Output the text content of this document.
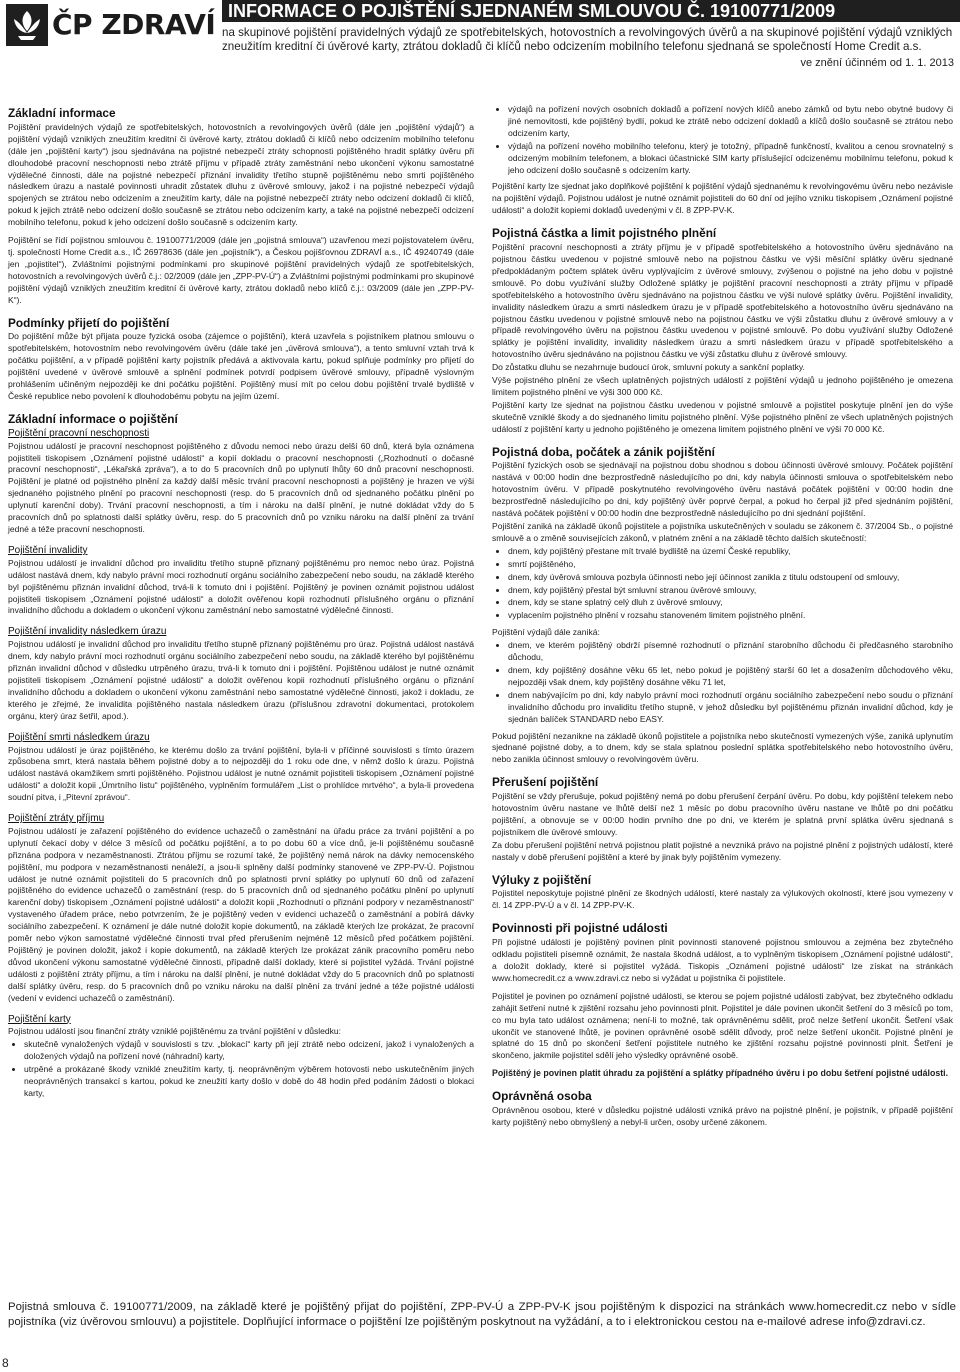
ČP ZDRAVÍ INFORMACE O POJIŠTĚNÍ SJEDNANÉM SMLOUVOU Č. 19100771/2009
na skupinové pojištění pravidelných výdajů ze spotřebitelských, hotovostních a revolvingových úvěrů a na skupinové pojištění výdajů vzniklých zneužitím kreditní či úvěrové karty, ztrátou dokladů či klíčů nebo odcizením mobilního telefonu sjednaná se společností Home Credit a.s.
ve znění účinném od 1. 1. 2013
Základní informace

Pojištění pravidelných výdajů ze spotřebitelských, hotovostních a revolvingových úvěrů (dále jen „pojištění výdajů“) a pojištění výdajů vzniklých zneužitím kreditní či úvěrové karty, ztrátou dokladů či klíčů nebo odcizením mobilního telefonu (dále jen „pojištění karty“) jsou sjednávána na pojistné nebezpečí ztráty schopnosti pojištěného hradit splátky úvěru při dlouhodobé pracovní neschopnosti nebo ztrátě příjmu v případě ztráty zaměstnání nebo ukončení výkonu samostatné výdělečné činnosti, dále na pojistné nebezpečí přiznání invalidity třetího stupně pojištěnému nebo smrti pojištěného následkem úrazu a nastalé povinnosti uhradit zůstatek dluhu z úvěrové smlouvy, jakož i na pojistné nebezpečí výdajů spojených se ztrátou nebo odcizením a zneužitím karty, dále na pojistné nebezpečí ztráty nebo odcizení dokladů či klíčů, pokud k jejich ztrátě nebo odcizení došlo současně se ztrátou nebo odcizením karty, a také na pojistné nebezpečí odcizení mobilního telefonu, pokud k jeho odcizení došlo současně s odcizením karty.

Pojištění se řídí pojistnou smlouvou č. 19100771/2009 (dále jen „pojistná smlouva“) uzavřenou mezi pojistovatelem úvěru, tj. společností Home Credit a.s., IČ 26978636 (dále jen „pojistník“), a Českou pojišťovnou ZDRAVÍ a.s., IČ 49240749 (dále jen „pojistitel“), Zvláštními pojistnými podmínkami pro skupinové pojištění pravidelných výdajů ze spotřebitelských, hotovostních a revolvingových úvěrů č.j.: 02/2009 (dále jen „ZPP-PV-Ú“) a Zvláštními pojistnými podmínkami pro skupinové pojištění výdajů vzniklých zneužitím kreditní či úvěrové karty, ztrátou dokladů nebo klíčů č.j.: 03/2009 (dále jen „ZPP-PV-K“).

Podmínky přijetí do pojištění

Do pojištění může být přijata pouze fyzická osoba (zájemce o pojištění), která uzavřela s pojistníkem platnou smlouvu o spotřebitelském, hotovostním nebo revolvingovém úvěru (dále také jen „úvěrová smlouva“), a tento smluvní vztah trvá k počátku pojištění, a v případě pojištění karty pojistník předává a aktivovala kartu, pokud splňuje podmínky pro přijetí do pojištění uvedené v úvěrové smlouvě a splnění podmínek potvrdí podpisem úvěrové smlouvy, případně výslovným prohlášením učiněným nejpozději ke dni počátku pojištění. Pojištěný musí mít po celou dobu pojištění trvalé bydliště v České republice nebo povolení k dlouhodobému pobytu na jejím území.

Základní informace o pojištění
Pojištění pracovní neschopnosti

Pojistnou událostí je pracovní neschopnost pojištěného z důvodu nemoci nebo úrazu delší 60 dnů, která byla oznámena pojistiteli tiskopisem „Oznámení pojistné události“ a kopií dokladu o pracovní neschopnosti („Rozhodnutí o dočasné pracovní neschopnosti“, „Lékařská zpráva“), a to do 5 pracovních dnů po uplynutí lhůty 60 dnů pracovní neschopnosti. Pojištění je platné od pojistného plnění za každý další měsíc trvání pracovní neschopnosti a pojištěný je hrazen ve výši sjednaného pojistného plnění po pracovní neschopnosti (resp. do 5 pracovních dnů od sjednaného počátku plnění po uplynutí karenční doby). Trvání pracovní neschopnosti, a tím i nároku na další plnění, je nutné dokládat vždy do 5 pracovních dnů po splatnosti další splátky úvěru, resp. do 5 pracovních dnů po vzniku nároku na další plnění za trvání jedné a téže pracovní neschopnosti.

Pojištění invalidity

Pojistnou událostí je invalidní důchod pro invaliditu třetího stupně přiznaný pojištěnému pro nemoc nebo úraz. Pojistná událost nastává dnem, kdy nabylo právní moci rozhodnutí orgánu sociálního zabezpečení nebo soudu, na základě kterého byl pojištěnému přiznán invalidní důchod, trvá-li k tomuto dni i pojištění. Pojištěný je povinen oznámit pojistnou událost pojistiteli tiskopisem „Oznámení pojistné události“ a doložit ověřenou kopii rozhodnutí příslušného orgánu o přiznání invalidního důchodu a dokladem o ukončení výkonu zaměstnání nebo samostatné výdělečné činnosti.

Pojištění invalidity následkem úrazu

Pojistnou událostí je invalidní důchod pro invaliditu třetího stupně přiznaný pojištěnému pro úraz. Pojistná událost nastává dnem, kdy nabylo právní moci rozhodnutí orgánu sociálního zabezpečení nebo soudu, na základě kterého byl pojištěnému přiznán invalidní důchod v důsledku utrpěného úrazu, trvá-li k tomuto dni i pojištění. Pojištěnou událost je nutné oznámit pojistiteli tiskopisem „Oznámení pojistné události“ a doložit ověřenou kopii rozhodnutí příslušného orgánu o přiznání invalidního důchodu a dokladem o ukončení výkonu zaměstnání nebo samostatné výdělečné činnosti, jakož i dokladu, ze kterého je zřejmé, že invalidita pojištěného nastala následkem úrazu (příslušnou zdravotní dokumentaci, protokolem orgánu, který úraz šetřil, apod.).

Pojištění smrti následkem úrazu

Pojistnou událostí je úraz pojištěného, ke kterému došlo za trvání pojištění, byla-li v příčinné souvislosti s tímto úrazem způsobena smrt, která nastala během pojistné doby a to nejpozději do 1 roku ode dne, v němž došlo k úrazu. Pojistná událost nastává okamžikem smrti pojištěného. Pojistnou událost je nutné oznámit pojistiteli tiskopisem „Oznámení pojistné události“ a doložit kopii „Úmrtního listu“ pojištěného, vyplněním formulářem „List o prohlídce mrtvého“, a byla-li provedena soudní pitva, i „Pitevní zprávou“.

Pojištění ztráty příjmu

Pojistnou událostí je zařazení pojištěného do evidence uchazečů o zaměstnání na úřadu práce za trvání pojištění a po uplynutí čekací doby v délce 3 měsíců od počátku pojištění, a to po dobu 60 a více dnů, je-li pojištěnému současně přiznána podpora v nezaměstnanosti. Ztrátou příjmu se rozumí také, že pojištěný nemá nárok na dávky nemocenského pojištění, mu podpora v nezaměstnanosti nenáleží, a jsou-li splněny další podmínky stanovené ve ZPP-PV-Ú. Pojistnou událost je nutné oznámit pojistiteli do 5 pracovních dnů po splatnosti první splátky po uplynutí 60 dnů od zařazení pojištěného do evidence uchazečů o zaměstnání (resp. do 5 pracovních dnů od sjednaného počátku plnění po uplynutí karenční doby) tiskopisem „Oznámení pojistné události“ a doložit kopii „Rozhodnutí o přiznání podpory v nezaměstnanosti“ vystaveného úřadem práce, nebo potvrzením, že je pojištěný veden v evidenci uchazečů o zaměstnání a pobírá dávky sociálního zabezpečení. K oznámení je dále nutné doložit kopie dokumentů, na základě kterých lze prokázat, že pracovní poměr nebo výkon samostatné výdělečné činnosti trval před přerušením nejméně 12 měsíců před počátkem pojištění. Pojištěný je povinen doložit, jakož i kopie dokumentů, na základě kterých lze prokázat zánik pracovního poměru nebo důvod ukončení výkonu samostatné výdělečné činnosti, případně další doklady, které si pojistitel vyžádá. Trvání pojistné události z pojištění ztráty příjmu, a tím i nároku na další plnění, je nutné dokládat vždy do 5 pracovních dnů po splatnosti další splátky úvěru, resp. do 5 pracovních dnů po vzniku nároku na další plnění za trvání jedné a téže pojistné události (vedení v evidenci uchazečů o zaměstnání).

Pojištění karty

Pojistnou událostí jsou finanční ztráty vzniklé pojištěnému za trvání pojištění v důsledku:

• skutečně vynaložených výdajů v souvislosti s tzv. „blokací“ karty při její ztrátě nebo odcizení, jakož i vynaložených a doložených výdajů na pořízení nové (náhradní) karty,
• utrpěné a prokázané škody vzniklé zneužitím karty, tj. neoprávněným výběrem hotovosti nebo uskutečněním jiných neoprávněných transakcí s kartou, pokud ke zneužití karty došlo v době do 48 hodin před podáním žádosti o blokaci karty,
• výdajů na pořízení nových osobních dokladů a pořízení nových klíčů anebo zámků od bytu nebo obytné budovy či jiné nemovitosti, kde pojištěný bydlí, pokud ke ztrátě nebo odcizení dokladů a klíčů došlo současně se ztrátou nebo odcizením karty,
• výdajů na pořízení nového mobilního telefonu, který je totožný, případně funkčností, kvalitou a cenou srovnatelný s odcizeným mobilním telefonem, a blokaci účastnické SIM karty příslušející odcizenému mobilnímu telefonu, pokud k jeho odcizení došlo současně s odcizením karty.

Pojištění karty lze sjednat jako doplňkové pojištění k pojištění výdajů sjednanému k revolvingovému úvěru nebo nezávisle na pojištění výdajů. Pojistnou událost je nutné oznámit pojistiteli do 60 dní od jejího vzniku tiskopisem „Oznámení pojistné události“ a doložit kopiemi dokladů uvedenými v čl. 8 ZPP-PV-K.

Pojistná částka a limit pojistného plnění

Pojištění pracovní neschopnosti a ztráty příjmu je v případě spotřebitelského a hotovostního úvěru sjednáváno na pojistnou částku uvedenou v pojistné smlouvě nebo na pojistnou částku ve výši měsíční splátky úvěru sjednané předpokládaným počtem splátek úvěru vyplývajícím z úvěrové smlouvy, zvýšenou o pojistné na jeho dobu v pojistné smlouvě. Po dobu využívání služby Odložené splátky je pojištění pracovní neschopnosti a ztráty příjmu v případě spotřebitelského a hotovostního úvěru sjednáváno na pojistnou částku ve výši nulové splátky úvěru. Pojištění invalidity, invalidity následkem úrazu a smrti následkem úrazu je v případě spotřebitelského a hotovostního úvěru sjednáváno na pojistnou částku uvedenou v pojistné smlouvě nebo na pojistnou částku ve výši zůstatku dluhu z úvěrové smlouvy a v případě revolvingového úvěru na pojistnou částku uvedenou v pojistné smlouvě. Po dobu využívání služby Odložené splátky je pojištění invalidity, invalidity následkem úrazu a smrti následkem úrazu v případě spotřebitelského a hotovostního úvěru sjednáváno na pojistnou částku ve výši zůstatku dluhu z úvěrové smlouvy.

Do zůstatku dluhu se nezahrnuje budoucí úrok, smluvní pokuty a sankční poplatky.

Výše pojistného plnění ze všech uplatněných pojistných událostí z pojištění výdajů u jednoho pojištěného je omezena limitem pojistného plnění ve výši 300 000 Kč.

Pojištění karty lze sjednat na pojistnou částku uvedenou v pojistné smlouvě a pojistitel poskytuje plnění jen do výše skutečně vzniklé škody a do sjednaného limitu pojistného plnění. Výše pojistného plnění ze všech uplatněných pojistných událostí z pojištění karty u jednoho pojištěného je omezena limitem pojistného plnění ve výši 70 000 Kč.

Pojistná doba, počátek a zánik pojištění

Pojištění fyzických osob se sjednávají na pojistnou dobu shodnou s dobou účinnosti úvěrové smlouvy. Počátek pojištění nastává v 00:00 hodin dne bezprostředně následujícího po dni, kdy nabyla účinnosti smlouva o spotřebitelském nebo hotovostním úvěru. V případě poskytnutého revolvingového úvěru nastává počátek pojištění v 00:00 hodin dne bezprostředně následujícího po dni, kdy pojištěný úvěr poprvé čerpal, a pokud ho čerpal již před sjednáním pojištění, nastává počátek pojištění v 00:00 hodin dne bezprostředně následujícího po dni sjednání pojištění.

Pojištění zaniká na základě úkonů pojistitele a pojistníka uskutečněných v souladu se zákonem č. 37/2004 Sb., o pojistné smlouvě a o změně souvisejících zákonů, v platném znění a na základě těchto dalších skutečností:

• dnem, kdy pojištěný přestane mít trvalé bydliště na území České republiky,
• smrtí pojištěného,
• dnem, kdy úvěrová smlouva pozbyla účinnosti nebo její účinnost zanikla z titulu odstoupení od smlouvy,
• dnem, kdy pojištěný přestal být smluvní stranou úvěrové smlouvy,
• dnem, kdy se stane splatný celý dluh z úvěrové smlouvy,
• vyplacením pojistného plnění v rozsahu stanoveném limitem pojistného plnění.

Pojištění výdajů dále zaniká:

• dnem, ve kterém pojištěný obdrží písemné rozhodnutí o přiznání starobního důchodu či předčasného starobního důchodu,
• dnem, kdy pojištěný dosáhne věku 65 let, nebo pokud je pojištěný starší 60 let a dosažením důchodového věku, nejpozději však dnem, kdy pojištěný dosáhne věku 71 let,
• dnem nabývajícím po dni, kdy nabylo právní moci rozhodnutí orgánu sociálního zabezpečení nebo soudu o přiznání invalidního důchodu pro invaliditu třetího stupně, v jehož důsledku byl pojištěnému přiznán invalidní důchod, kdy je sjednán balíček STANDARD nebo EASY.

Pokud pojištění nezanikne na základě úkonů pojistitele a pojistníka nebo skutečností vymezených výše, zaniká uplynutím sjednané pojistné doby, a to dnem, kdy se stala splatnou poslední splátka spotřebitelského nebo hotovostního úvěru, nebo zanikla účinnost smlouvy o revolvingovém úvěru.

Přerušení pojištění

Pojištění se vždy přerušuje, pokud pojištěný nemá po dobu přerušení čerpání úvěru. Po dobu, kdy pojištění telekem nebo hotovostním úvěru nastane ve lhůtě delší než 1 měsíc po dobu pracovního úvěru nastane ve lhůtě po dni počátku pojištění, a obnovuje se v 00:00 hodin prvního dne po dni, ve kterém je splatná první splátka úvěru sjednaná s pojistníkem dle úvěrové smlouvy.

Za dobu přerušení pojištění netrvá pojistnou platit pojistné a nevzniká právo na pojistné plnění z pojistných událostí, které nastaly v době přerušení pojištění a které by jinak byly pojištěním vymezeny.

Výluky z pojištění

Pojistitel neposkytuje pojistné plnění ze škodných událostí, které nastaly za výlukových okolností, které jsou vymezeny v čl. 14 ZPP-PV-Ú a v čl. 14 ZPP-PV-K.

Povinnosti při pojistné události

Při pojistné události je pojištěný povinen plnit povinnosti stanovené pojistnou smlouvou a zejména bez zbytečného odkladu pojistiteli písemně oznámit, že nastala škodná událost, a to vyplněným tiskopisem „Oznámení pojistné události“, a doložit doklady, které si pojistitel vyžádá. Tiskopis „Oznámení pojistné události“ lze získat na stránkách www.homecredit.cz a www.zdravi.cz nebo si vyžádat u pojistníka či pojistitele.

Pojistitel je povinen po oznámení pojistné události, se kterou se pojem pojistné události zabývat, bez zbytečného odkladu zahájit šetření nutné k zjištění rozsahu jeho povinnosti plnit. Pojistitel je dále povinen ukončit šetření do 3 měsíců po tom, co mu byla tato událost oznámena; není-li to možné, tak oprávněnému sdělit, proč nelze šetření ukončit. Šetření však ukončit ve stanovené lhůtě, je povinen oprávněné osobě sdělit důvody, proč nelze šetření ukončit. Pojistné plnění je splatné do 15 dnů po skončení šetření pojistitele nutného ke zjištění rozsahu pojistné povinnosti plnit. Šetření je skončeno, jakmile pojistitel sdělí jeho výsledky oprávněné osobě.

Pojištěný je povinen platit úhradu za pojištění a splátky případného úvěru i po dobu šetření pojistné události.

Oprávněná osoba

Oprávněnou osobou, které v důsledku pojistné události vzniká právo na pojistné plnění, je pojistník, v případě pojištění karty pojištěný nebo obmyšlený a nebyl-li určen, osoby určené zákonem.

Pojistná smlouva č. 19100771/2009, na základě které je pojištěný přijat do pojištění, ZPP-PV-Ú a ZPP-PV-K jsou pojištěným k dispozici na stránkách www.homecredit.cz nebo v sídle pojistníka (viz úvěrovou smlouvu) a pojistitele. Doplňující informace o pojištění lze pojištěným poskytnout na vyžádání, a to i elektronickou cestou na e-mailové adrese info@zdravi.cz.
8
